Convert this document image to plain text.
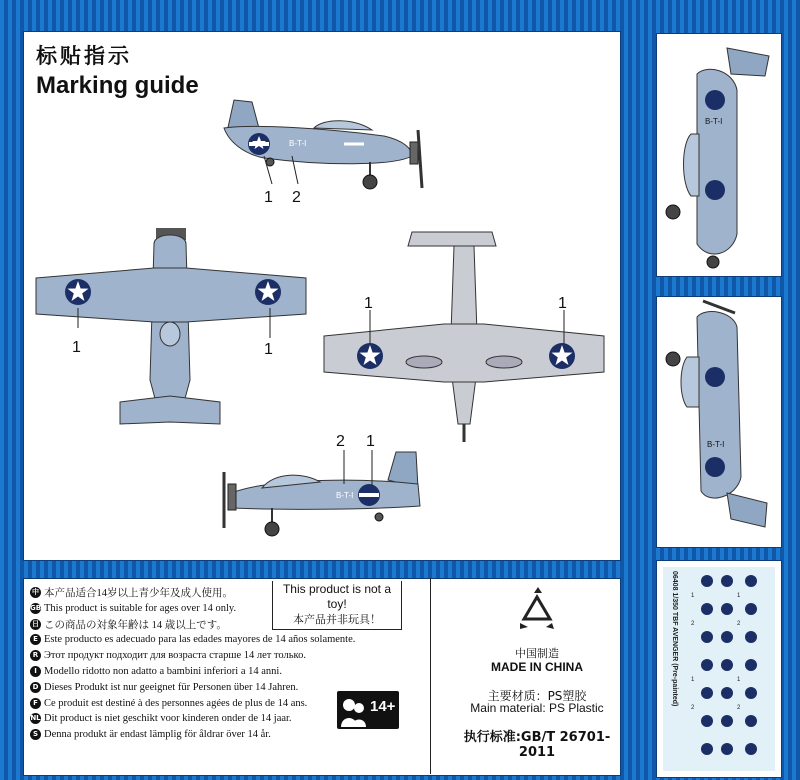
标贴指示
Marking guide
B-T-I
B-T-I
1 2
1	1
1	1
2 1
B-T-I
B-T-I
06408 1/350 TBF AVENGER (Pre-painted) 1	1
2	2
1	1
2	2
中 本产品适合14岁以上青少年及成人使用。
GB This product is suitable for ages over 14 only.
日 この商品の対象年齢は 14 歳以上です。
E Este producto es adecuado para las edades mayores de 14 años solamente.
R Этот продукт подходит для возраста старше 14 лет только.
I Modello ridotto non adatto a bambini inferiori a 14 anni.
D Dieses Produkt ist nur geeignet für Personen über 14 Jahren.
F Ce produit est destiné à des personnes agées de plus de 14 ans.
NL Dit product is niet geschikt voor kinderen onder de 14 jaar.
S Denna produkt är endast lämplig för åldrar över 14 år.
This product is not a toy!
本产品并非玩具！
14+
中国制造
MADE IN CHINA
主要材质：PS塑胶
Main material: PS Plastic
执行标准:GB/T 26701-2011
